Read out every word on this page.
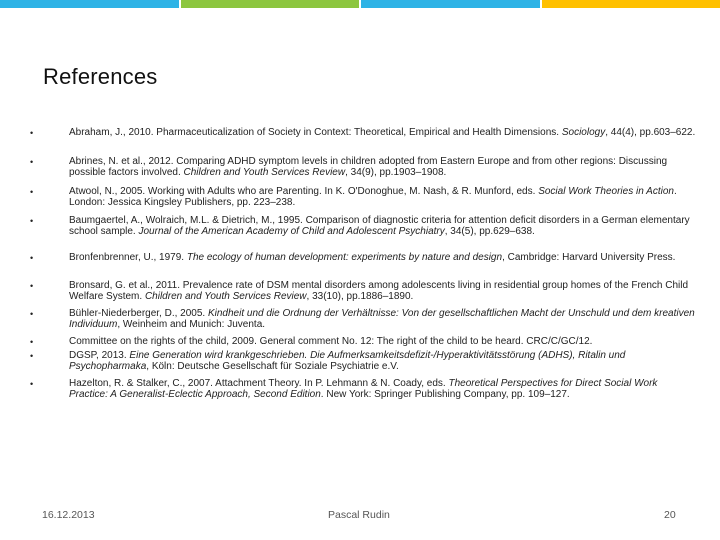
References
•	Abraham, J., 2010. Pharmaceuticalization of Society in Context: Theoretical, Empirical and Health Dimensions. Sociology, 44(4), pp.603–622.
•	Abrines, N. et al., 2012. Comparing ADHD symptom levels in children adopted from Eastern Europe and from other regions: Discussing possible factors involved. Children and Youth Services Review, 34(9), pp.1903–1908.
•	Atwool, N., 2005. Working with Adults who are Parenting. In K. O'Donoghue, M. Nash, & R. Munford, eds. Social Work Theories in Action. London: Jessica Kingsley Publishers, pp. 223–238.
•	Baumgaertel, A., Wolraich, M.L. & Dietrich, M., 1995. Comparison of diagnostic criteria for attention deficit disorders in a German elementary school sample. Journal of the American Academy of Child and Adolescent Psychiatry, 34(5), pp.629–638.
•	Bronfenbrenner, U., 1979. The ecology of human development: experiments by nature and design, Cambridge: Harvard University Press.
•	Bronsard, G. et al., 2011. Prevalence rate of DSM mental disorders among adolescents living in residential group homes of the French Child Welfare System. Children and Youth Services Review, 33(10), pp.1886–1890.
•	Bühler-Niederberger, D., 2005. Kindheit und die Ordnung der Verhältnisse: Von der gesellschaftlichen Macht der Unschuld und dem kreativen Individuum, Weinheim and Munich: Juventa.
•	Committee on the rights of the child, 2009. General comment No. 12: The right of the child to be heard. CRC/C/GC/12.
•	DGSP, 2013. Eine Generation wird krankgeschrieben. Die Aufmerksamkeitsdefizit-/Hyperaktivitätsstörung (ADHS), Ritalin und Psychopharmaka, Köln: Deutsche Gesellschaft für Soziale Psychiatrie e.V.
•	Hazelton, R. & Stalker, C., 2007. Attachment Theory. In P. Lehmann & N. Coady, eds. Theoretical Perspectives for Direct Social Work Practice: A Generalist-Eclectic Approach, Second Edition. New York: Springer Publishing Company, pp. 109–127.
16.12.2013	Pascal Rudin	20
